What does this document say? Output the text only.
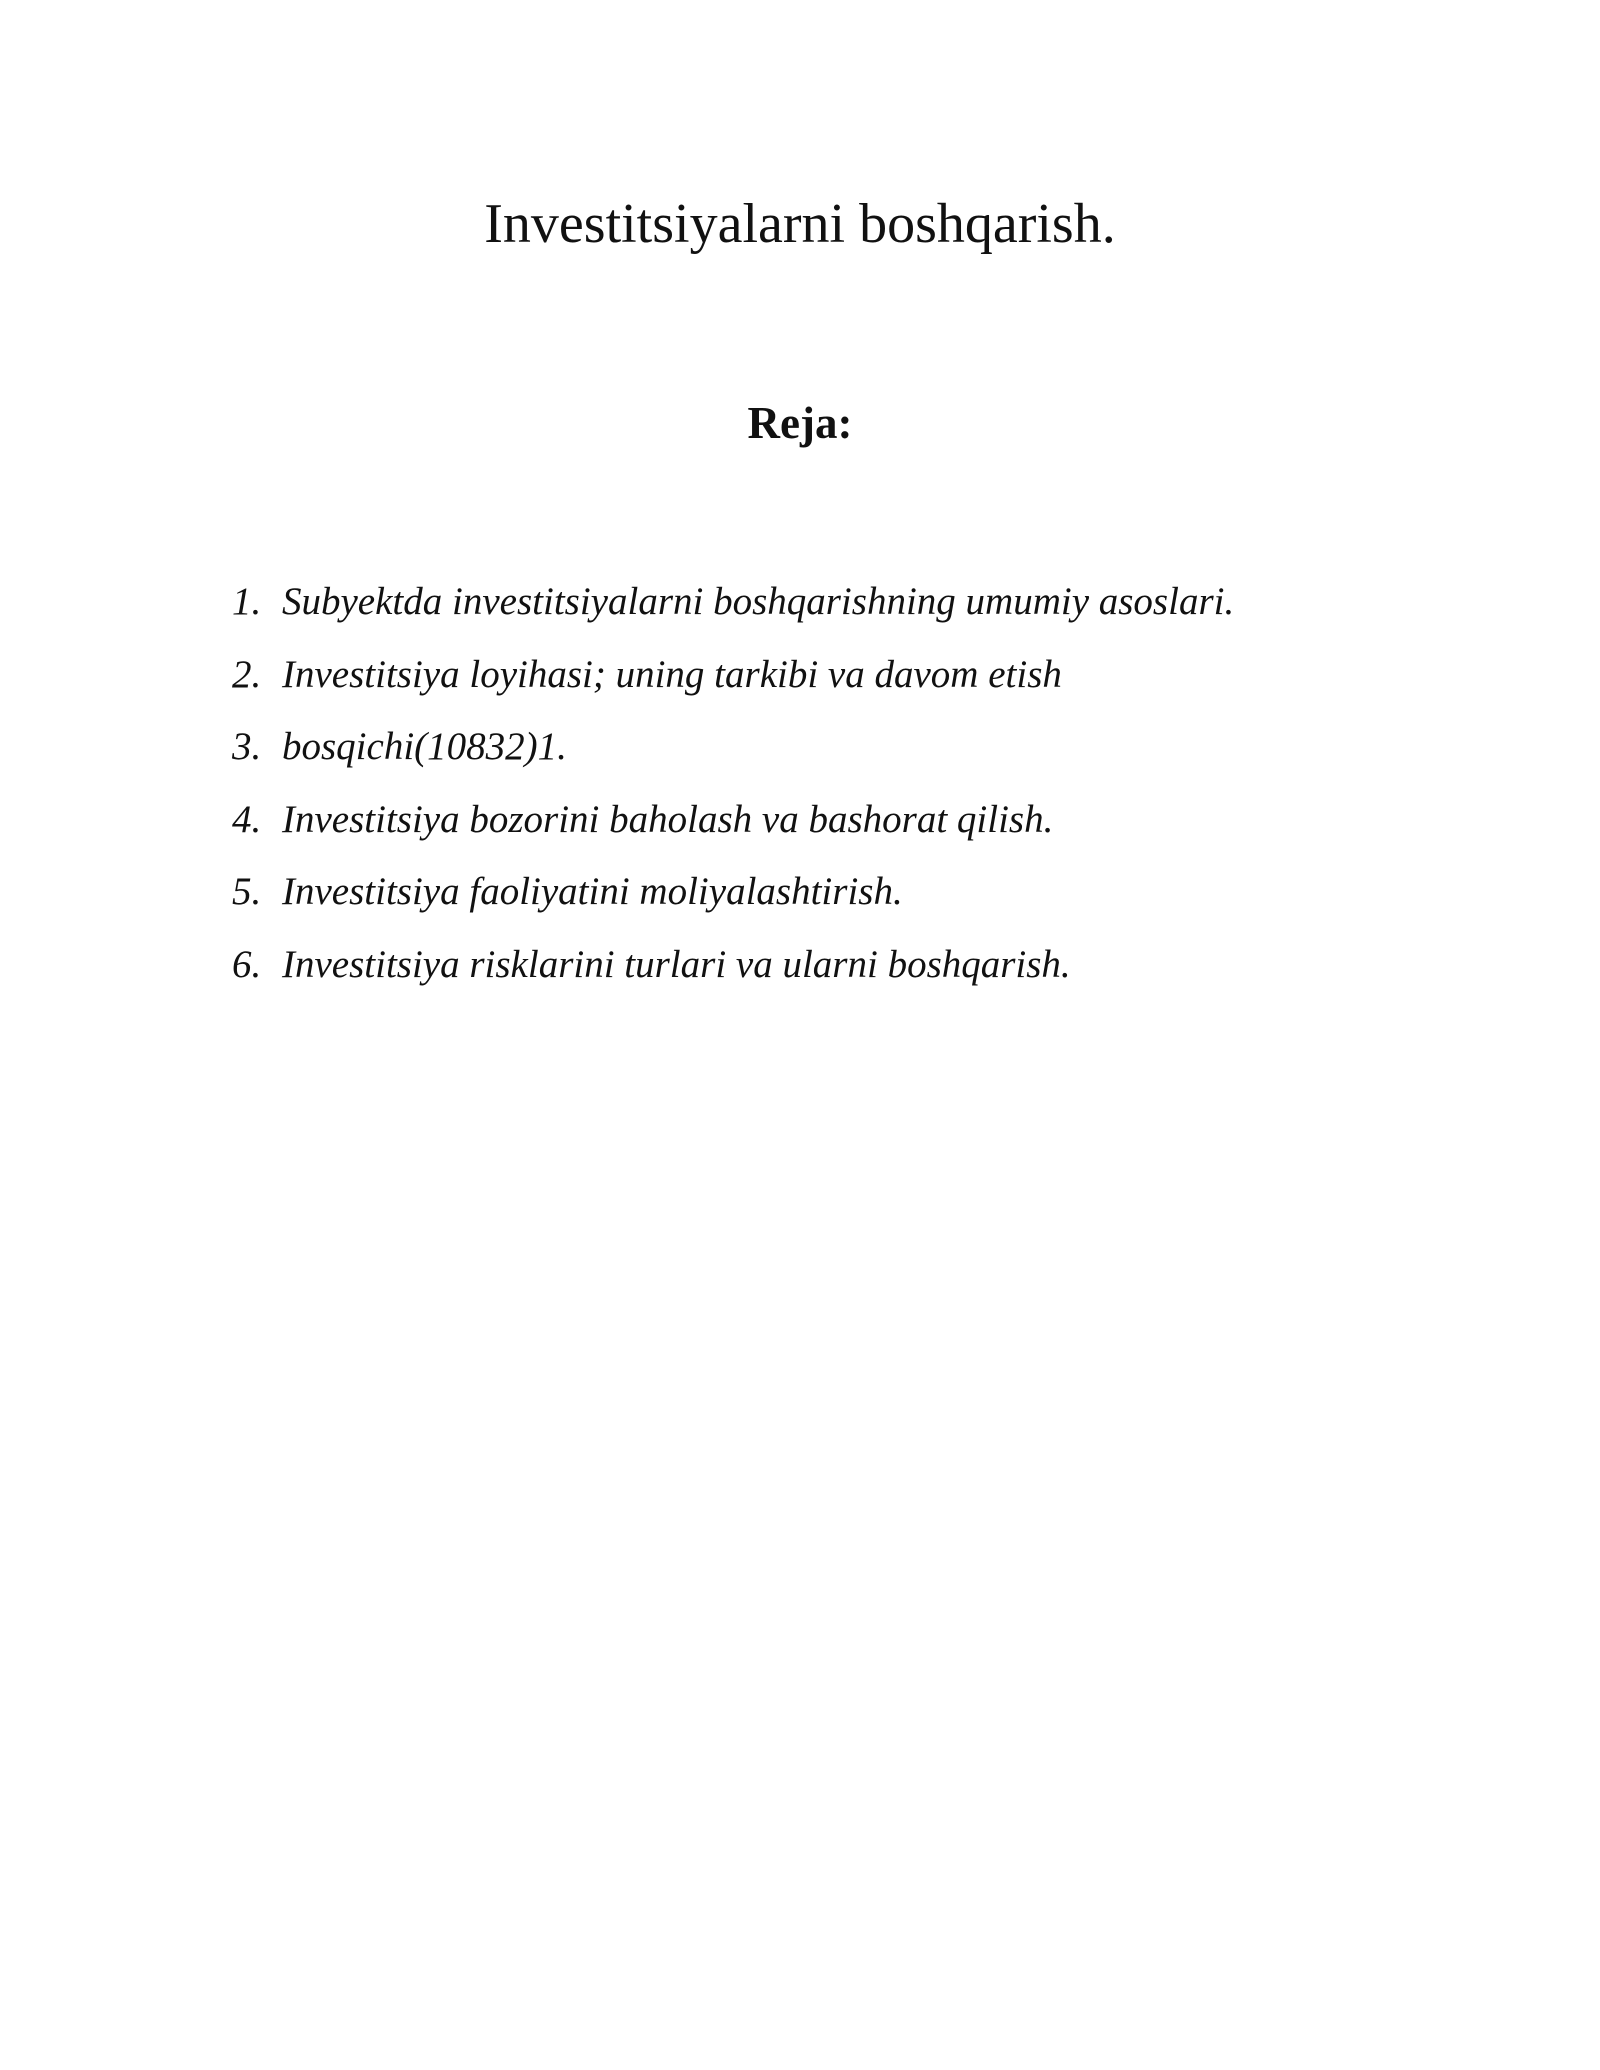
Investitsiyalarni boshqarish.
Reja:
1. Subyektda investitsiyalarni boshqarishning umumiy asoslari.
2. Investitsiya loyihasi; uning tarkibi va davom etish
3. bosqichi(10832)1.
4. Investitsiya bozorini baholash va bashorat qilish.
5. Investitsiya faoliyatini moliyalashtirish.
6. Investitsiya risklarini turlari va ularni boshqarish.
